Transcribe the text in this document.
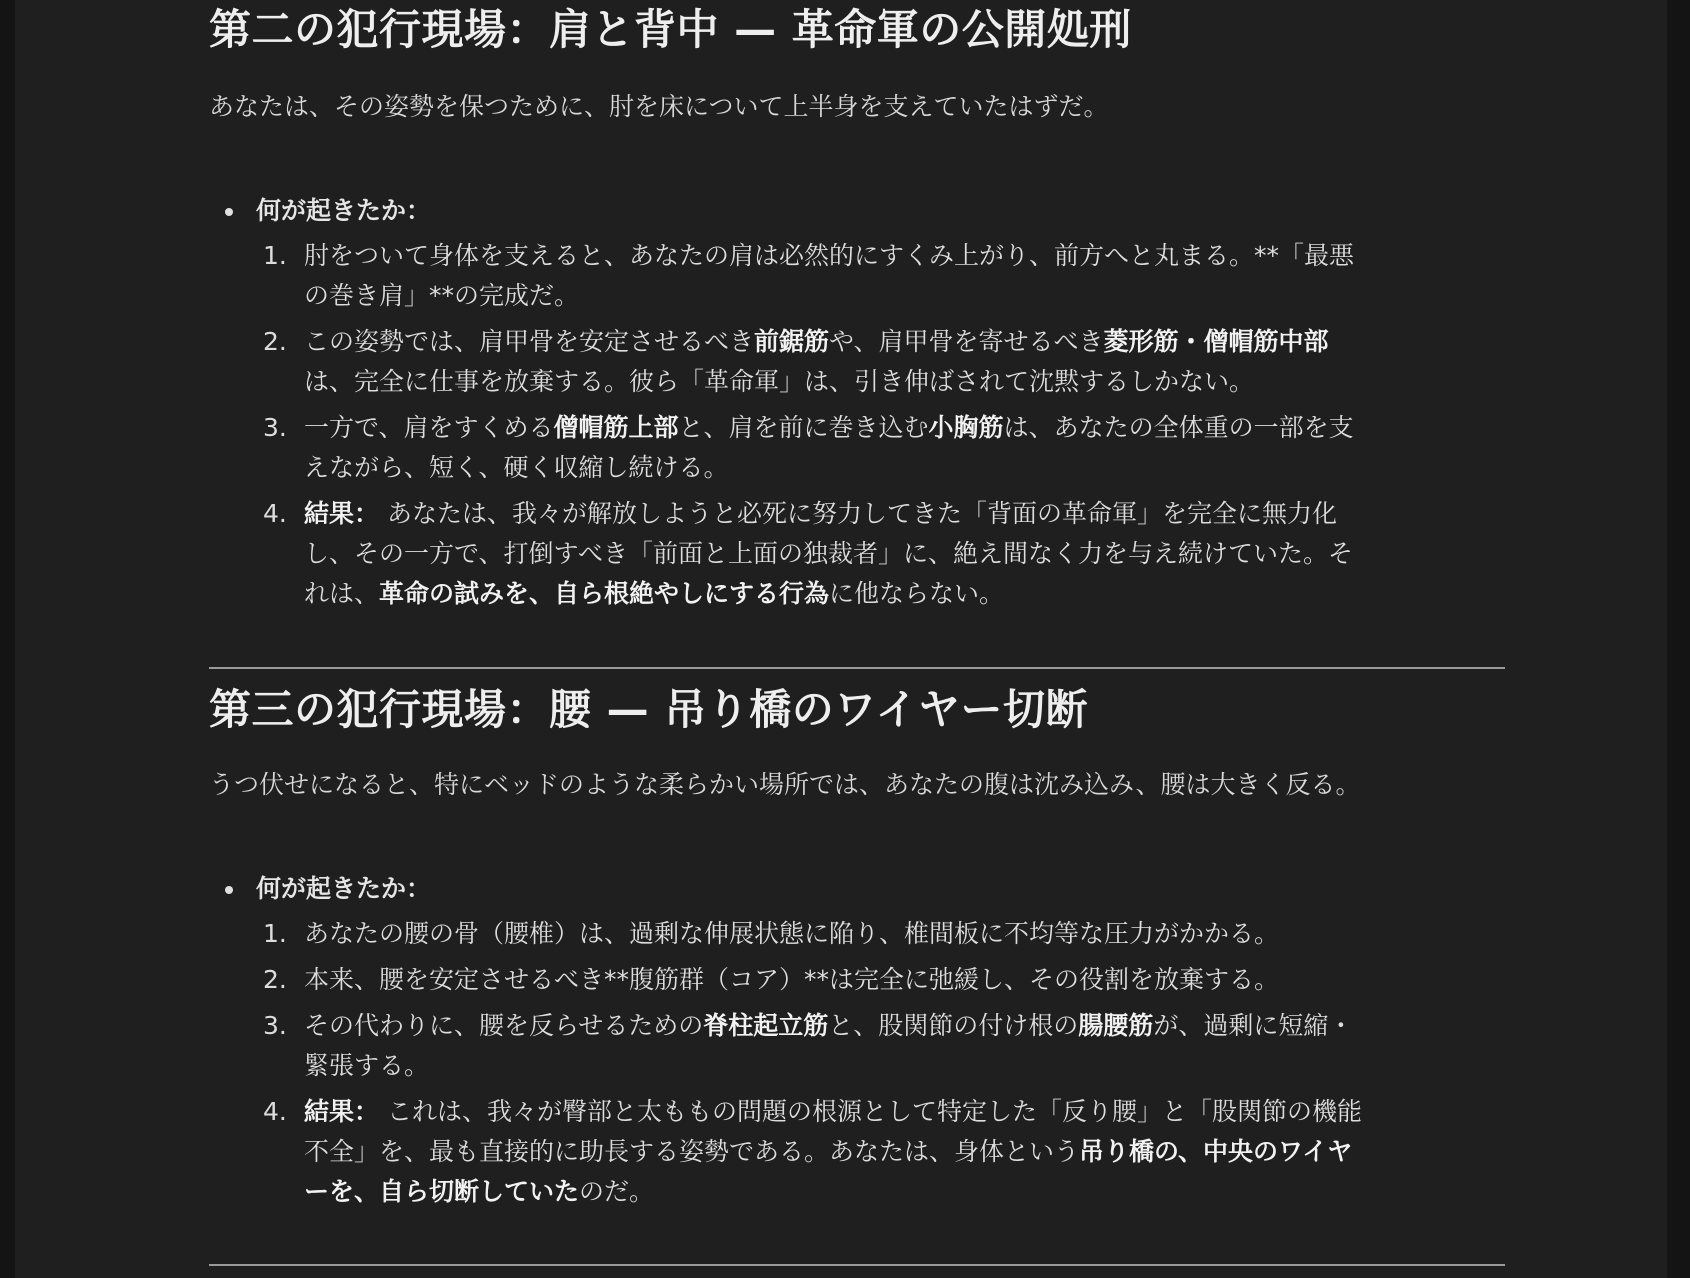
第二の犯行現場：肩と背中 — 革命軍の公開処刑

あなたは、その姿勢を保つために、肘を床について上半身を支えていたはずだ。

何が起きたか：
1. 肘をついて身体を支えると、あなたの肩は必然的にすくみ上がり、前方へと丸まる。**「最悪
の巻き肩」**の完成だ。
2. この姿勢では、肩甲骨を安定させるべき前鋸筋や、肩甲骨を寄せるべき菱形筋・僧帽筋中部
は、完全に仕事を放棄する。彼ら「革命軍」は、引き伸ばされて沈黙するしかない。
3. 一方で、肩をすくめる僧帽筋上部と、肩を前に巻き込む小胸筋は、あなたの全体重の一部を支
えながら、短く、硬く収縮し続ける。
4. 結果： あなたは、我々が解放しようと必死に努力してきた「背面の革命軍」を完全に無力化
し、その一方で、打倒すべき「前面と上面の独裁者」に、絶え間なく力を与え続けていた。そ
れは、革命の試みを、自ら根絶やしにする行為に他ならない。
第三の犯行現場：腰 — 吊り橋のワイヤー切断

うつ伏せになると、特にベッドのような柔らかい場所では、あなたの腹は沈み込み、腰は大きく反る。

何が起きたか：
1. あなたの腰の骨（腰椎）は、過剰な伸展状態に陥り、椎間板に不均等な圧力がかかる。
2. 本来、腰を安定させるべき**腹筋群（コア）**は完全に弛緩し、その役割を放棄する。
3. その代わりに、腰を反らせるための脊柱起立筋と、股関節の付け根の腸腰筋が、過剰に短縮・
緊張する。
4. 結果： これは、我々が臀部と太ももの問題の根源として特定した「反り腰」と「股関節の機能
不全」を、最も直接的に助長する姿勢である。あなたは、身体という吊り橋の、中央のワイヤ
ーを、自ら切断していたのだ。
